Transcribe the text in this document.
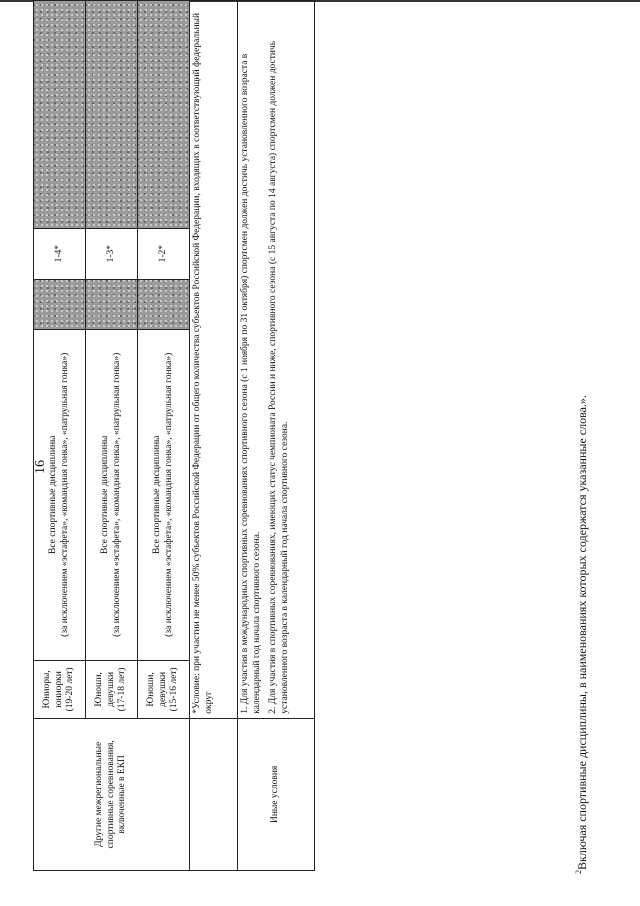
16
Другие межрегиональные спортивные соревнования, включенные в ЕКП	Юниоры, юниорки (19-20 лет)	Все спортивные дисциплины (за исключением «эстафета», «командная гонка», «патрульная гонка»)		1-4*	
	Юноши, девушки (17-18 лет)	Все спортивные дисциплины (за исключением «эстафета», «командная гонка», «патрульная гонка»)		1-3*	
	Юноши, девушки (15-16 лет)	Все спортивные дисциплины (за исключением «эстафета», «командная гонка», «патрульная гонка»)		1-2*	
	*Условие: при участии не менее 50% субъектов Российской Федерации от общего количества субъектов Российской Федерации, входящих в соответствующий федеральный округ				
Иные условия	1. Для участия в международных спортивных соревнованиях спортивного сезона (с 1 ноября по 31 октября) спортсмен должен достичь установленного возраста в календарный год начала спортивного сезона. 2. Для участия в спортивных соревнованиях, имеющих статус чемпионата России и ниже, спортивного сезона (с 15 августа по 14 августа) спортсмен должен достичь установленного возраста в календарный год начала спортивного сезона.				

$^2$Включая спортивные дисциплины, в наименованиях которых содержатся указанные слова.».
